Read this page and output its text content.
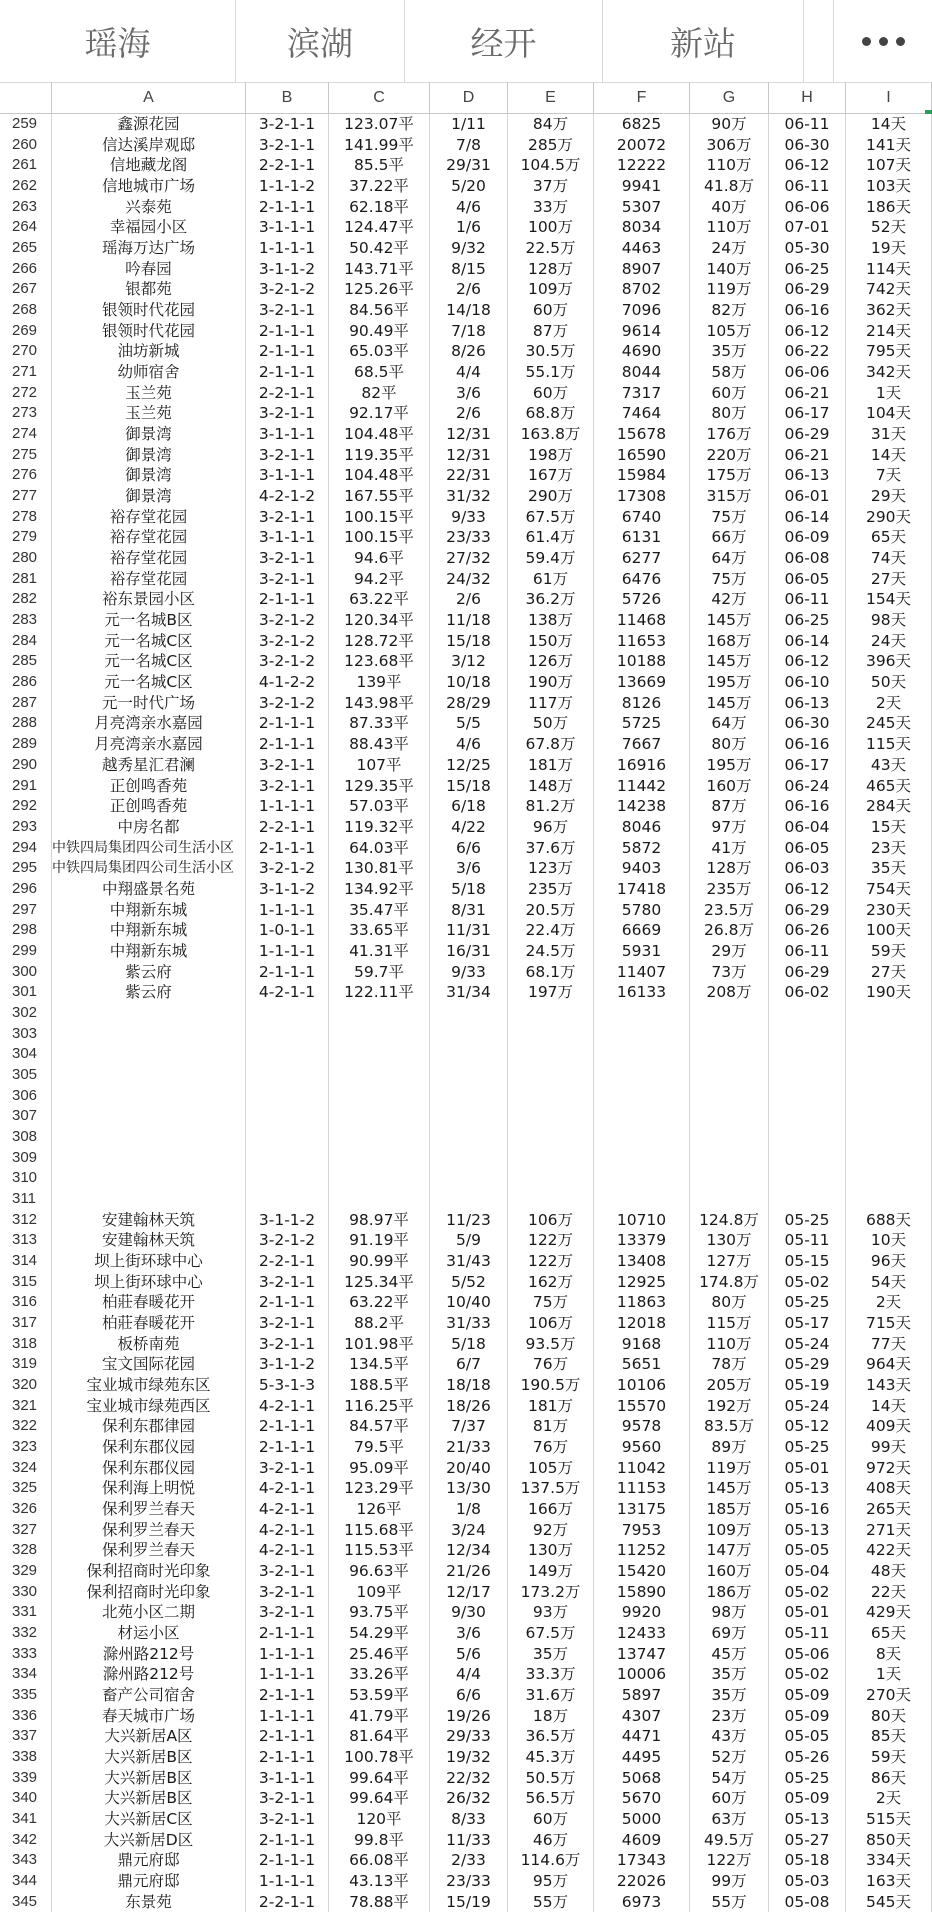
瑶海	滨湖	经开	新站
A	B	C	D	E	F	G	H	I
259	鑫源花园	3-2-1-1	123.07平	1/11	84万	6825	90万	06-11	14天
260	信达溪岸观邸	3-2-1-1	141.99平	7/8	285万	20072	306万	06-30	141天
261	信地藏龙阁	2-2-1-1	85.5平	29/31	104.5万	12222	110万	06-12	107天
262	信地城市广场	1-1-1-2	37.22平	5/20	37万	9941	41.8万	06-11	103天
263	兴泰苑	2-1-1-1	62.18平	4/6	33万	5307	40万	06-06	186天
264	幸福园小区	3-1-1-1	124.47平	1/6	100万	8034	110万	07-01	52天
265	瑶海万达广场	1-1-1-1	50.42平	9/32	22.5万	4463	24万	05-30	19天
266	吟春园	3-1-1-2	143.71平	8/15	128万	8907	140万	06-25	114天
267	银都苑	3-2-1-2	125.26平	2/6	109万	8702	119万	06-29	742天
268	银领时代花园	3-2-1-1	84.56平	14/18	60万	7096	82万	06-16	362天
269	银领时代花园	2-1-1-1	90.49平	7/18	87万	9614	105万	06-12	214天
270	油坊新城	2-1-1-1	65.03平	8/26	30.5万	4690	35万	06-22	795天
271	幼师宿舍	2-1-1-1	68.5平	4/4	55.1万	8044	58万	06-06	342天
272	玉兰苑	2-2-1-1	82平	3/6	60万	7317	60万	06-21	1天
273	玉兰苑	3-2-1-1	92.17平	2/6	68.8万	7464	80万	06-17	104天
274	御景湾	3-1-1-1	104.48平	12/31	163.8万	15678	176万	06-29	31天
275	御景湾	3-2-1-1	119.35平	12/31	198万	16590	220万	06-21	14天
276	御景湾	3-1-1-1	104.48平	22/31	167万	15984	175万	06-13	7天
277	御景湾	4-2-1-2	167.55平	31/32	290万	17308	315万	06-01	29天
278	裕存堂花园	3-2-1-1	100.15平	9/33	67.5万	6740	75万	06-14	290天
279	裕存堂花园	3-1-1-1	100.15平	23/33	61.4万	6131	66万	06-09	65天
280	裕存堂花园	3-2-1-1	94.6平	27/32	59.4万	6277	64万	06-08	74天
281	裕存堂花园	3-2-1-1	94.2平	24/32	61万	6476	75万	06-05	27天
282	裕东景园小区	2-1-1-1	63.22平	2/6	36.2万	5726	42万	06-11	154天
283	元一名城B区	3-2-1-2	120.34平	11/18	138万	11468	145万	06-25	98天
284	元一名城C区	3-2-1-2	128.72平	15/18	150万	11653	168万	06-14	24天
285	元一名城C区	3-2-1-2	123.68平	3/12	126万	10188	145万	06-12	396天
286	元一名城C区	4-1-2-2	139平	10/18	190万	13669	195万	06-10	50天
287	元一时代广场	3-2-1-2	143.98平	28/29	117万	8126	145万	06-13	2天
288	月亮湾亲水嘉园	2-1-1-1	87.33平	5/5	50万	5725	64万	06-30	245天
289	月亮湾亲水嘉园	2-1-1-1	88.43平	4/6	67.8万	7667	80万	06-16	115天
290	越秀星汇君澜	3-2-1-1	107平	12/25	181万	16916	195万	06-17	43天
291	正创鸣香苑	3-2-1-1	129.35平	15/18	148万	11442	160万	06-24	465天
292	正创鸣香苑	1-1-1-1	57.03平	6/18	81.2万	14238	87万	06-16	284天
293	中房名都	2-2-1-1	119.32平	4/22	96万	8046	97万	06-04	15天
294	中铁四局集团四公司生活小区	2-1-1-1	64.03平	6/6	37.6万	5872	41万	06-05	23天
295	中铁四局集团四公司生活小区	3-2-1-2	130.81平	3/6	123万	9403	128万	06-03	35天
296	中翔盛景名苑	3-1-1-2	134.92平	5/18	235万	17418	235万	06-12	754天
297	中翔新东城	1-1-1-1	35.47平	8/31	20.5万	5780	23.5万	06-29	230天
298	中翔新东城	1-0-1-1	33.65平	11/31	22.4万	6669	26.8万	06-26	100天
299	中翔新东城	1-1-1-1	41.31平	16/31	24.5万	5931	29万	06-11	59天
300	紫云府	2-1-1-1	59.7平	9/33	68.1万	11407	73万	06-29	27天
301	紫云府	4-2-1-1	122.11平	31/34	197万	16133	208万	06-02	190天
302
303
304
305
306
307
308
309
310
311
312	安建翰林天筑	3-1-1-2	98.97平	11/23	106万	10710	124.8万	05-25	688天
313	安建翰林天筑	3-2-1-2	91.19平	5/9	122万	13379	130万	05-11	10天
314	坝上街环球中心	2-2-1-1	90.99平	31/43	122万	13408	127万	05-15	96天
315	坝上街环球中心	3-2-1-1	125.34平	5/52	162万	12925	174.8万	05-02	54天
316	柏莊春暖花开	2-1-1-1	63.22平	10/40	75万	11863	80万	05-25	2天
317	柏莊春暖花开	3-2-1-1	88.2平	31/33	106万	12018	115万	05-17	715天
318	板桥南苑	3-2-1-1	101.98平	5/18	93.5万	9168	110万	05-24	77天
319	宝文国际花园	3-1-1-2	134.5平	6/7	76万	5651	78万	05-29	964天
320	宝业城市绿苑东区	5-3-1-3	188.5平	18/18	190.5万	10106	205万	05-19	143天
321	宝业城市绿苑西区	4-2-1-1	116.25平	18/26	181万	15570	192万	05-24	14天
322	保利东郡律园	2-1-1-1	84.57平	7/37	81万	9578	83.5万	05-12	409天
323	保利东郡仪园	2-1-1-1	79.5平	21/33	76万	9560	89万	05-25	99天
324	保利东郡仪园	3-2-1-1	95.09平	20/40	105万	11042	119万	05-01	972天
325	保利海上明悦	4-2-1-1	123.29平	13/30	137.5万	11153	145万	05-13	408天
326	保利罗兰春天	4-2-1-1	126平	1/8	166万	13175	185万	05-16	265天
327	保利罗兰春天	4-2-1-1	115.68平	3/24	92万	7953	109万	05-13	271天
328	保利罗兰春天	4-2-1-1	115.53平	12/34	130万	11252	147万	05-05	422天
329	保利招商时光印象	3-2-1-1	96.63平	21/26	149万	15420	160万	05-04	48天
330	保利招商时光印象	3-2-1-1	109平	12/17	173.2万	15890	186万	05-02	22天
331	北苑小区二期	3-2-1-1	93.75平	9/30	93万	9920	98万	05-01	429天
332	材运小区	2-1-1-1	54.29平	3/6	67.5万	12433	69万	05-11	65天
333	滁州路212号	1-1-1-1	25.46平	5/6	35万	13747	45万	05-06	8天
334	滁州路212号	1-1-1-1	33.26平	4/4	33.3万	10006	35万	05-02	1天
335	畜产公司宿舍	2-1-1-1	53.59平	6/6	31.6万	5897	35万	05-09	270天
336	春天城市广场	1-1-1-1	41.79平	19/26	18万	4307	23万	05-09	80天
337	大兴新居A区	2-1-1-1	81.64平	29/33	36.5万	4471	43万	05-05	85天
338	大兴新居B区	2-1-1-1	100.78平	19/32	45.3万	4495	52万	05-26	59天
339	大兴新居B区	3-1-1-1	99.64平	22/32	50.5万	5068	54万	05-25	86天
340	大兴新居B区	3-2-1-1	99.64平	26/32	56.5万	5670	60万	05-09	2天
341	大兴新居C区	3-2-1-1	120平	8/33	60万	5000	63万	05-13	515天
342	大兴新居D区	2-1-1-1	99.8平	11/33	46万	4609	49.5万	05-27	850天
343	鼎元府邸	2-1-1-1	66.08平	2/33	114.6万	17343	122万	05-18	334天
344	鼎元府邸	1-1-1-1	43.13平	23/33	95万	22026	99万	05-03	163天
345	东景苑	2-2-1-1	78.88平	15/19	55万	6973	55万	05-08	545天
